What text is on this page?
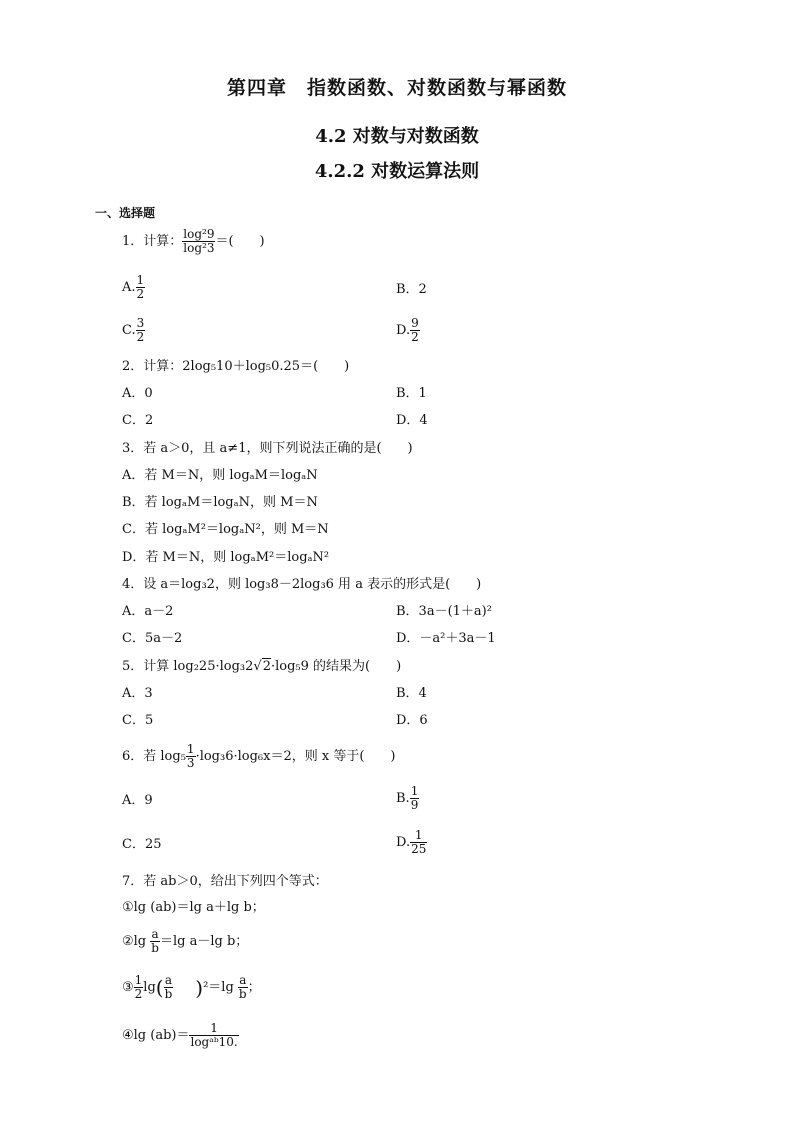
第四章　指数函数、对数函数与幂函数
4.2 对数与对数函数
4.2.2 对数运算法则
一、选择题
1．计算： $\frac{\text{log²9}}{\text{log²3}}$ ＝(　　)
A. $\frac{1}{2}$	B．2
C. $\frac{3}{2}$	D. $\frac{9}{2}$
2．计算：2log₅10＋log₅0.25＝(　　)
A．0	B．1
C．2	D．4
3．若 a＞0，且 a≠1，则下列说法正确的是(　　)
A．若 M＝N，则 logₐM＝logₐN
B．若 logₐM＝logₐN，则 M＝N
C．若 logₐM²＝logₐN²，则 M＝N
D．若 M＝N，则 logₐM²＝logₐN²
4．设 a＝log₃2，则 log₃8－2log₃6 用 a 表示的形式是(　　)
A．a－2	B．3a－(1＋a)²
C．5a－2	D．－a²＋3a－1
5．计算 log₂25·log₃2√2·log₅9 的结果为(　　)
A．3	B．4
C．5	D．6
6．若 $\log_5 \frac{1}{3} \cdot\log_36\cdot\log_6x=2$，则 x 等于(　　)
A．9	B. $\frac{1}{9}$
C．25	D. $\frac{1}{25}$
7．若 ab＞0，给出下列四个等式：
①lg (ab)＝lg a＋lg b；
②lg $\frac{a}{b} =\lg$ a－lg b；
③ $\frac{1}{2} \lg( \frac{a}{b} )^2=\lg \frac{a}{b}$ ；
④lg $(ab)= \frac{1}{\text{logᵃᵇ10.}}$
